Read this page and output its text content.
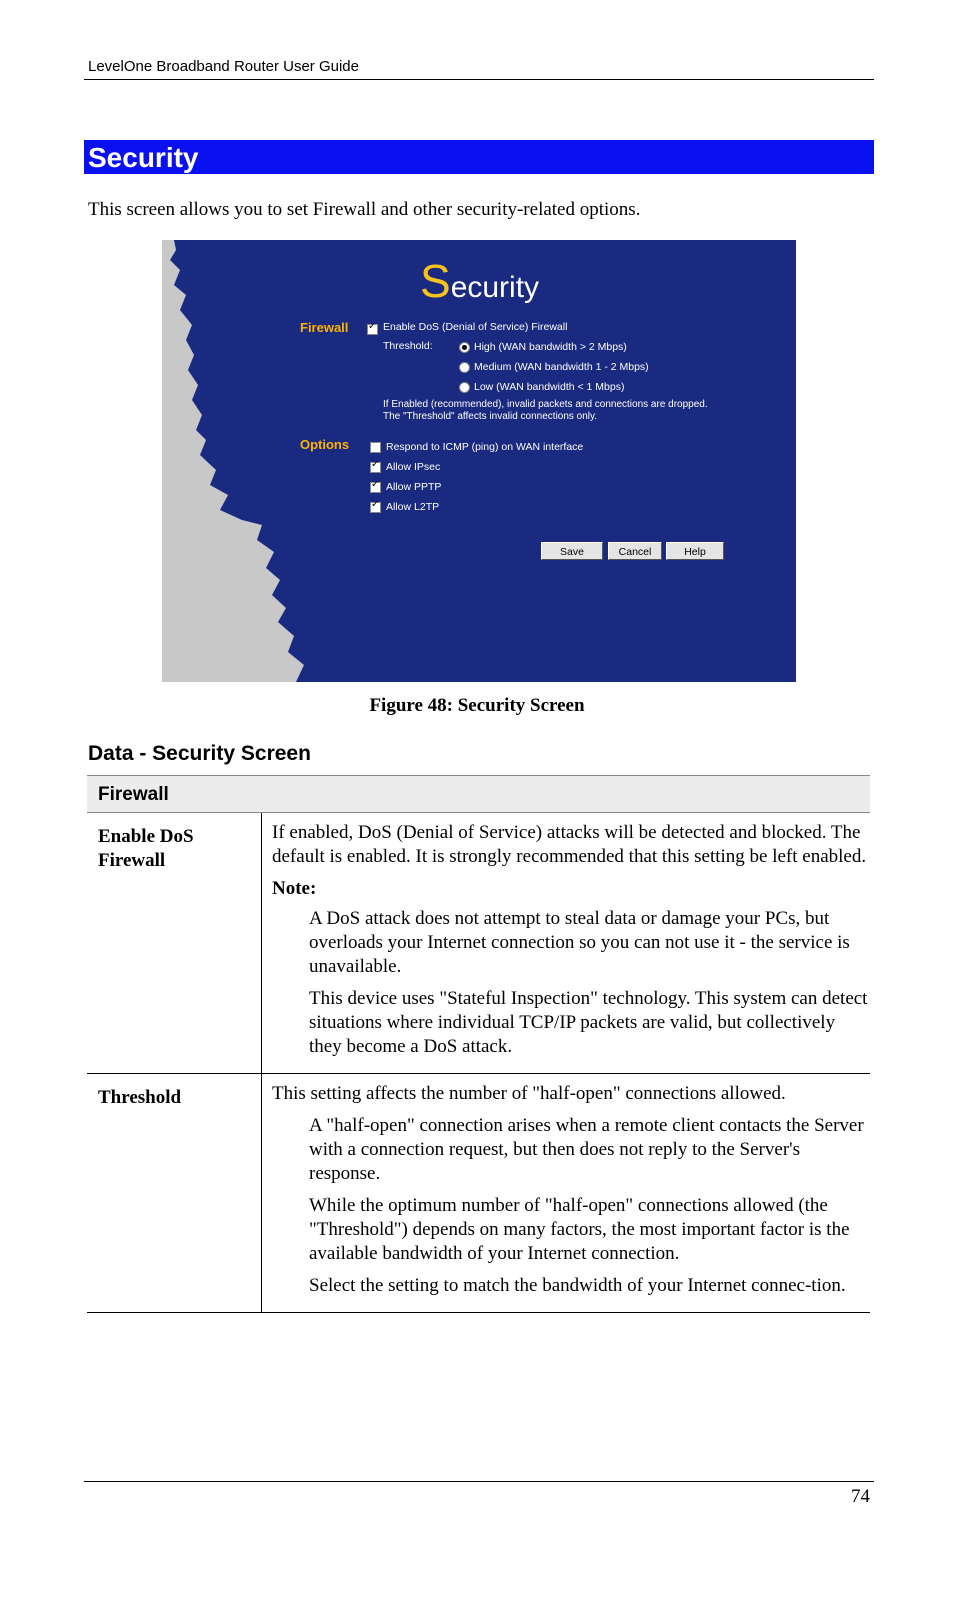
LevelOne Broadband Router User Guide
Security
This screen allows you to set Firewall and other security-related options.
Security
Firewall
✓	Enable DoS (Denial of Service) Firewall
Threshold:	High (WAN bandwidth > 2 Mbps)
Medium (WAN bandwidth 1 - 2 Mbps)
Low (WAN bandwidth < 1 Mbps)
If Enabled (recommended), invalid packets and connections are dropped.
The "Threshold" affects invalid connections only.
Options	Respond to ICMP (ping) on WAN interface
✓
Allow IPsec
✓
Allow PPTP
✓
Allow L2TP
Save	Cancel	Help
Figure 48: Security Screen
Data - Security Screen
Firewall
Enable DoS Firewall

If enabled, DoS (Denial of Service) attacks will be detected and blocked. The default is enabled. It is strongly recommended that this setting be left enabled.

Note:

A DoS attack does not attempt to steal data or damage your PCs, but overloads your Internet connection so you can not use it - the service is unavailable.

This device uses "Stateful Inspection" technology. This system can detect situations where individual TCP/IP packets are valid, but collectively they become a DoS attack.

Threshold	This setting affects the number of "half-open" connections allowed.

A "half-open" connection arises when a remote client contacts the Server with a connection request, but then does not reply to the Server's response.

While the optimum number of "half-open" connections allowed (the "Threshold") depends on many factors, the most important factor is the available bandwidth of your Internet connection.

Select the setting to match the bandwidth of your Internet connec-tion.

74
